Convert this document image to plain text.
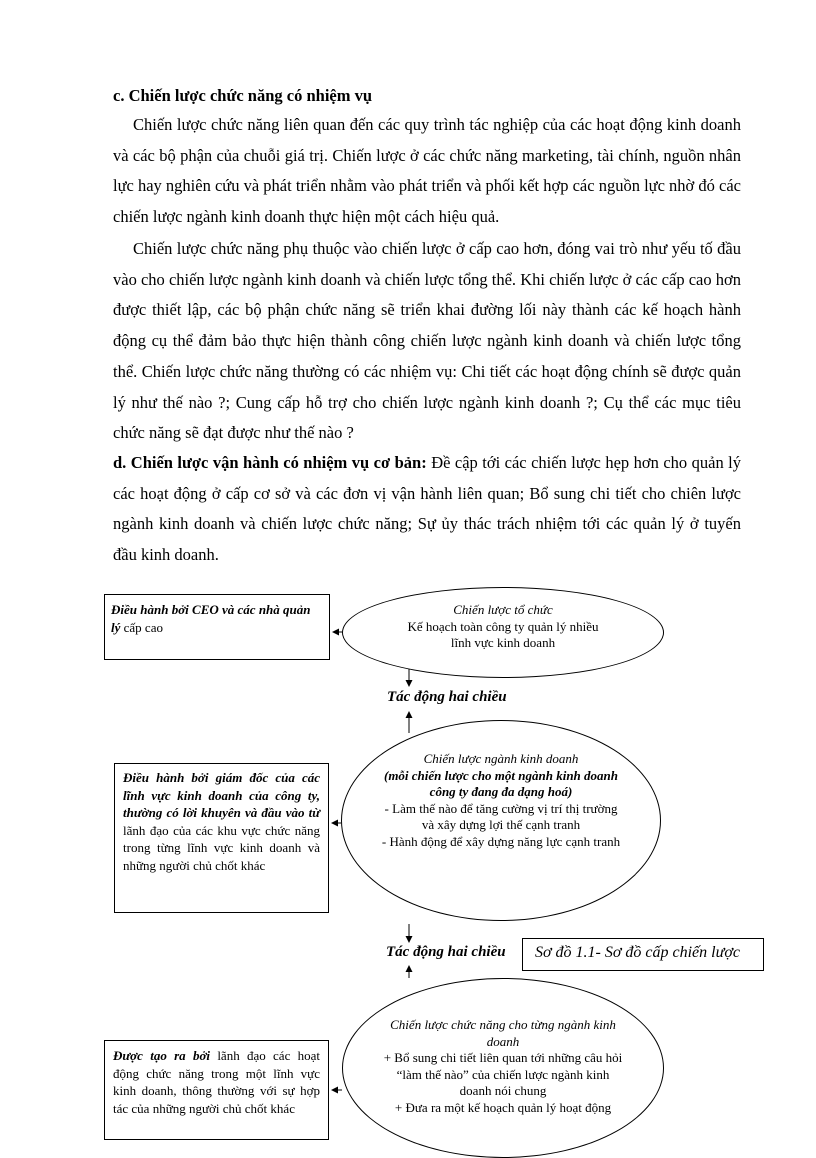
c. Chiến lược chức năng có nhiệm vụ

Chiến lược chức năng liên quan đến các quy trình tác nghiệp của các hoạt động kinh doanh và các bộ phận của chuỗi giá trị. Chiến lược ở các chức năng marketing, tài chính, nguồn nhân lực hay nghiên cứu và phát triển nhằm vào phát triển và phối kết hợp các nguồn lực nhờ đó các chiến lược ngành kinh doanh thực hiện một cách hiệu quả.

Chiến lược chức năng phụ thuộc vào chiến lược ở cấp cao hơn, đóng vai trò như yếu tố đầu vào cho chiến lược ngành kinh doanh và chiến lược tổng thể. Khi chiến lược ở các cấp cao hơn được thiết lập, các bộ phận chức năng sẽ triển khai đường lối này thành các kế hoạch hành động cụ thể đảm bảo thực hiện thành công chiến lược ngành kinh doanh và chiến lược tổng thể. Chiến lược chức năng thường có các nhiệm vụ: Chi tiết các hoạt động chính sẽ được quản lý như thế nào ?; Cung cấp hỗ trợ cho chiến lược ngành kinh doanh ?; Cụ thể các mục tiêu chức năng sẽ đạt được như thế nào ?

d. Chiến lược vận hành có nhiệm vụ cơ bản: Đề cập tới các chiến lược hẹp hơn cho quản lý các hoạt động ở cấp cơ sở và các đơn vị vận hành liên quan; Bổ sung chi tiết cho chiên lược ngành kinh doanh và chiến lược chức năng; Sự ủy thác trách nhiệm tới các quản lý ở tuyến đầu kinh doanh.

Điều hành bởi CEO và các nhà quản lý cấp cao
Chiến lược tổ chức
Kế hoạch toàn công ty quản lý nhiều
lĩnh vực kinh doanh
Tác động hai chiều
Điều hành bởi giám đốc của các lĩnh vực kinh doanh của công ty, thường có lời khuyên và đầu vào từ lãnh đạo của các khu vực chức năng trong từng lĩnh vực kinh doanh và những người chủ chốt khác
Chiến lược ngành kinh doanh
(mỗi chiến lược cho một ngành kinh doanh công ty đang đa dạng hoá)
- Làm thế nào để tăng cường vị trí thị trường và xây dựng lợi thế cạnh tranh
- Hành động để xây dựng năng lực cạnh tranh
Tác động hai chiều	Sơ đồ 1.1- Sơ đồ cấp chiến lược
Được tạo ra bởi lãnh đạo các hoạt động chức năng trong một lĩnh vực kinh doanh, thông thường với sự hợp tác của những người chủ chốt khác
Chiến lược chức năng cho từng ngành kinh doanh
+ Bổ sung chi tiết liên quan tới những câu hỏi “làm thế nào” của chiến lược ngành kinh doanh nói chung
+ Đưa ra một kế hoạch quản lý hoạt động
